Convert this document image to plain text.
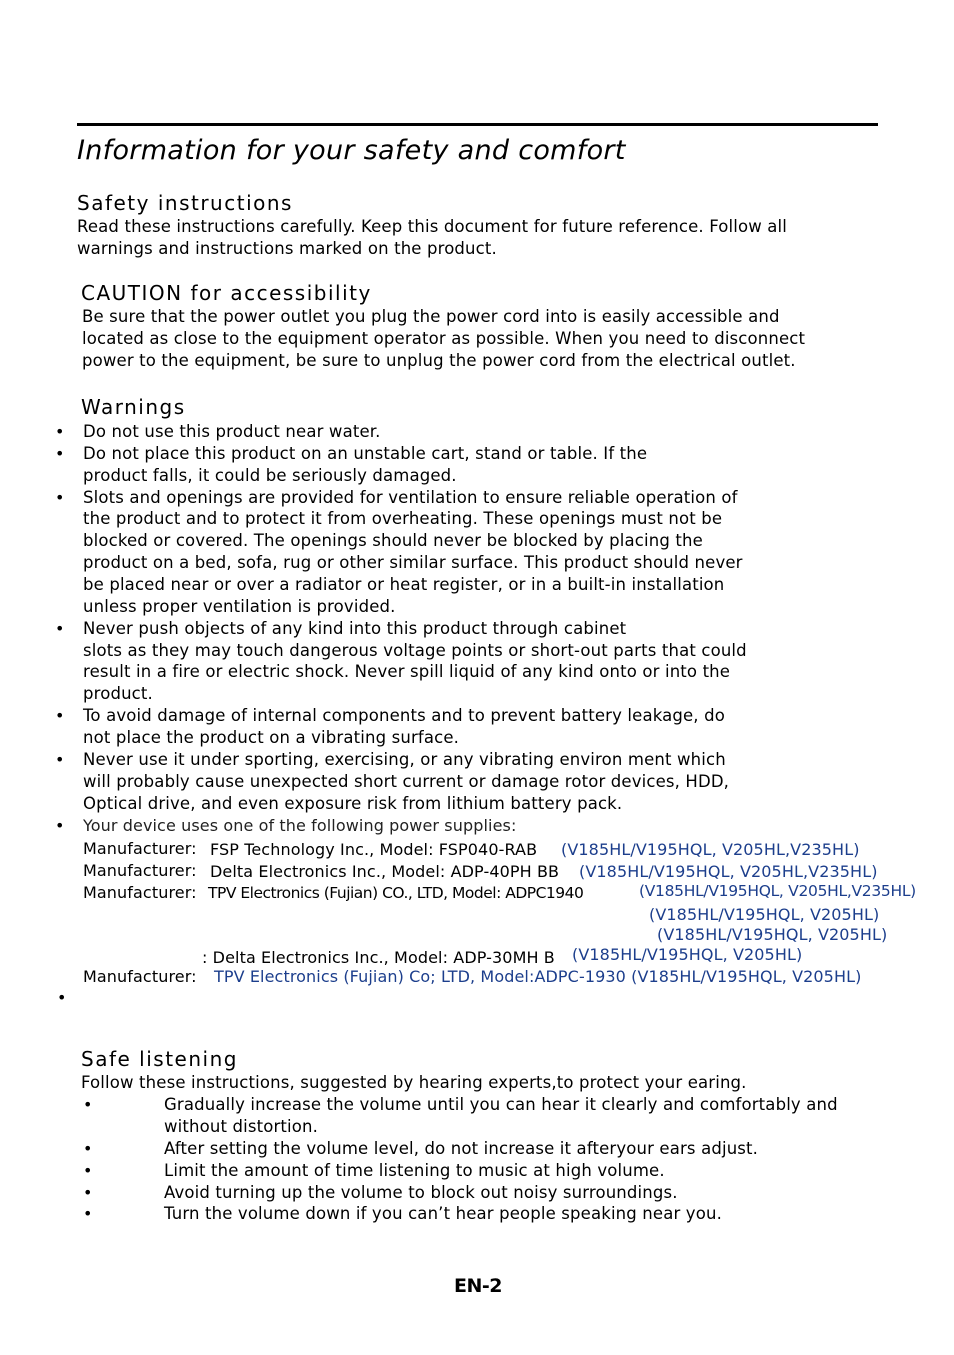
Information for your safety and comfort
Safety instructions
Read these instructions carefully. Keep this document for future reference. Follow all
warnings and instructions marked on the product.
CAUTION for accessibility
Be sure that the power outlet you plug the power cord into is easily accessible and
located as close to the equipment operator as possible. When you need to disconnect
power to the equipment, be sure to unplug the power cord from the electrical outlet.
Warnings
• Do not use this product near water.
• Do not place this product on an unstable cart, stand or table. If the
product falls, it could be seriously damaged.
• Slots and openings are provided for ventilation to ensure reliable operation of
the product and to protect it from overheating. These openings must not be
blocked or covered. The openings should never be blocked by placing the
product on a bed, sofa, rug or other similar surface. This product should never
be placed near or over a radiator or heat register, or in a built-in installation
unless proper ventilation is provided.
• Never push objects of any kind into this product through cabinet
slots as they may touch dangerous voltage points or short-out parts that could
result in a fire or electric shock. Never spill liquid of any kind onto or into the
product.
• To avoid damage of internal components and to prevent battery leakage, do
not place the product on a vibrating surface.
• Never use it under sporting, exercising, or any vibrating environ ment which
will probably cause unexpected short current or damage rotor devices, HDD,
Optical drive, and even exposure risk from lithium battery pack.
• Your device uses one of the following power supplies:
Manufacturer: FSP Technology Inc., Model: FSP040-RAB (V185HL/V195HQL, V205HL,V235HL)
Manufacturer: Delta Electronics Inc., Model: ADP-40PH BB (V185HL/V195HQL, V205HL,V235HL)
Manufacturer: TPV Electronics (Fujian) CO., LTD, Model: ADPC1940	(V185HL/V195HQL, V205HL,V235HL)
(V185HL/V195HQL, V205HL)
(V185HL/V195HQL, V205HL)
: Delta Electronics Inc., Model: ADP-30MH B (V185HL/V195HQL, V205HL)
Manufacturer: TPV Electronics (Fujian) Co; LTD, Model:ADPC-1930 (V185HL/V195HQL, V205HL)
•
Safe listening
Follow these instructions, suggested by hearing experts,to protect your earing.
•	Gradually increase the volume until you can hear it clearly and comfortably and
without distortion.
•	After setting the volume level, do not increase it afteryour ears adjust.
•	Limit the amount of time listening to music at high volume.
•	Avoid turning up the volume to block out noisy surroundings.
•	Turn the volume down if you can’t hear people speaking near you.
EN-2
